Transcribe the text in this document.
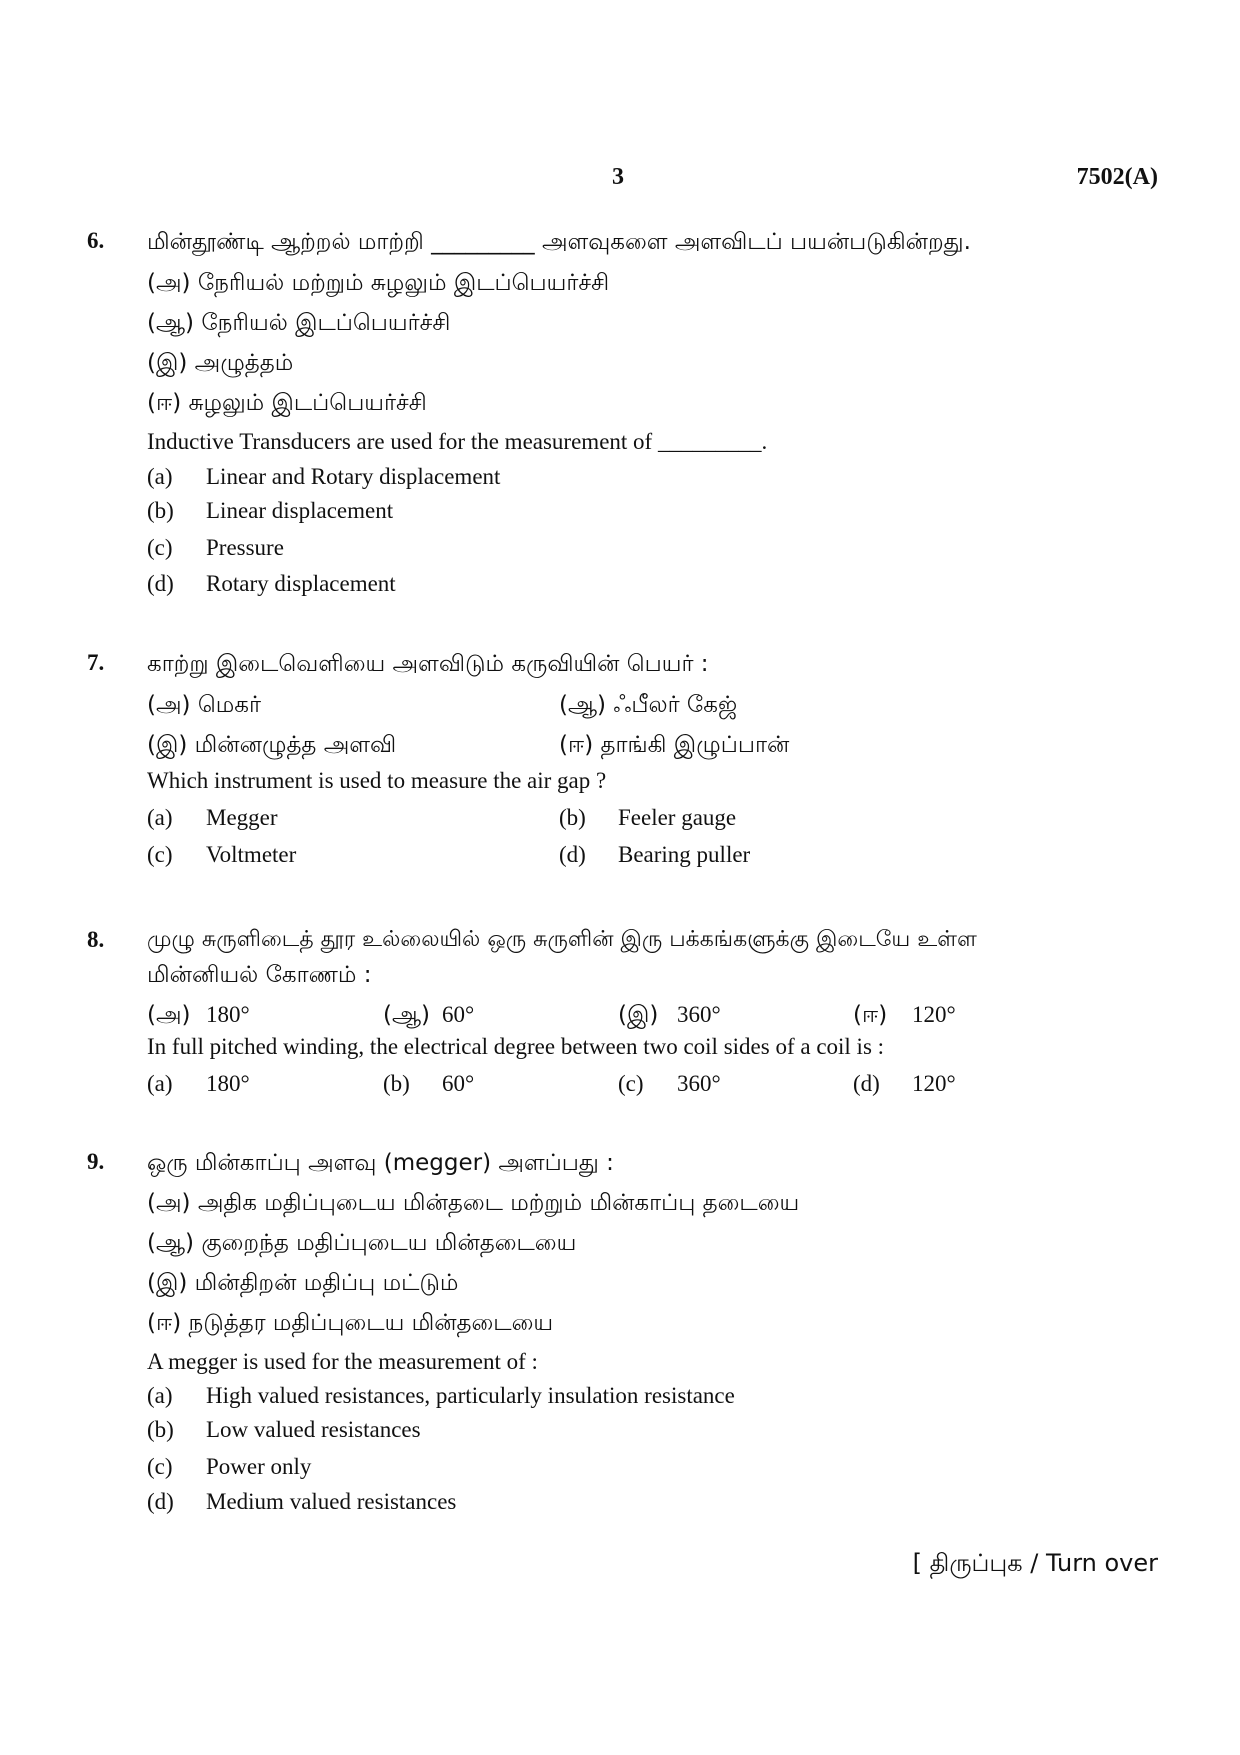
3	7502(A)
6. மின்தூண்டி ஆற்றல் மாற்றி _________ அளவுகளை அளவிடப் பயன்படுகின்றது.
(அ) நேரியல் மற்றும் சுழலும் இடப்பெயர்ச்சி
(ஆ) நேரியல் இடப்பெயர்ச்சி
(இ) அழுத்தம்
(ஈ) சுழலும் இடப்பெயர்ச்சி
Inductive Transducers are used for the measurement of _________.
(a) Linear and Rotary displacement
(b) Linear displacement
(c) Pressure
(d) Rotary displacement
7. காற்று இடைவெளியை அளவிடும் கருவியின் பெயர் :
(அ) மெகர்	(ஆ) ஃபீலர் கேஜ்
(இ) மின்னழுத்த அளவி	(ஈ) தாங்கி இழுப்பான்
Which instrument is used to measure the air gap ?
(a) Megger	(b) Feeler gauge
(c) Voltmeter	(d) Bearing puller
8. முழு சுருளிடைத் தூர உல்லையில் ஒரு சுருளின் இரு பக்கங்களுக்கு இடையே உள்ள
மின்னியல் கோணம் :
(அ) 180°	(ஆ) 60°	(இ) 360°	(ஈ) 120°
In full pitched winding, the electrical degree between two coil sides of a coil is :
(a) 180°	(b) 60°	(c) 360°	(d) 120°
9. ஒரு மின்காப்பு அளவு (megger) அளப்பது :
(அ) அதிக மதிப்புடைய மின்தடை மற்றும் மின்காப்பு தடையை
(ஆ) குறைந்த மதிப்புடைய மின்தடையை
(இ) மின்திறன் மதிப்பு மட்டும்
(ஈ) நடுத்தர மதிப்புடைய மின்தடையை
A megger is used for the measurement of :
(a) High valued resistances, particularly insulation resistance
(b) Low valued resistances
(c) Power only
(d) Medium valued resistances
[ திருப்புக / Turn over
